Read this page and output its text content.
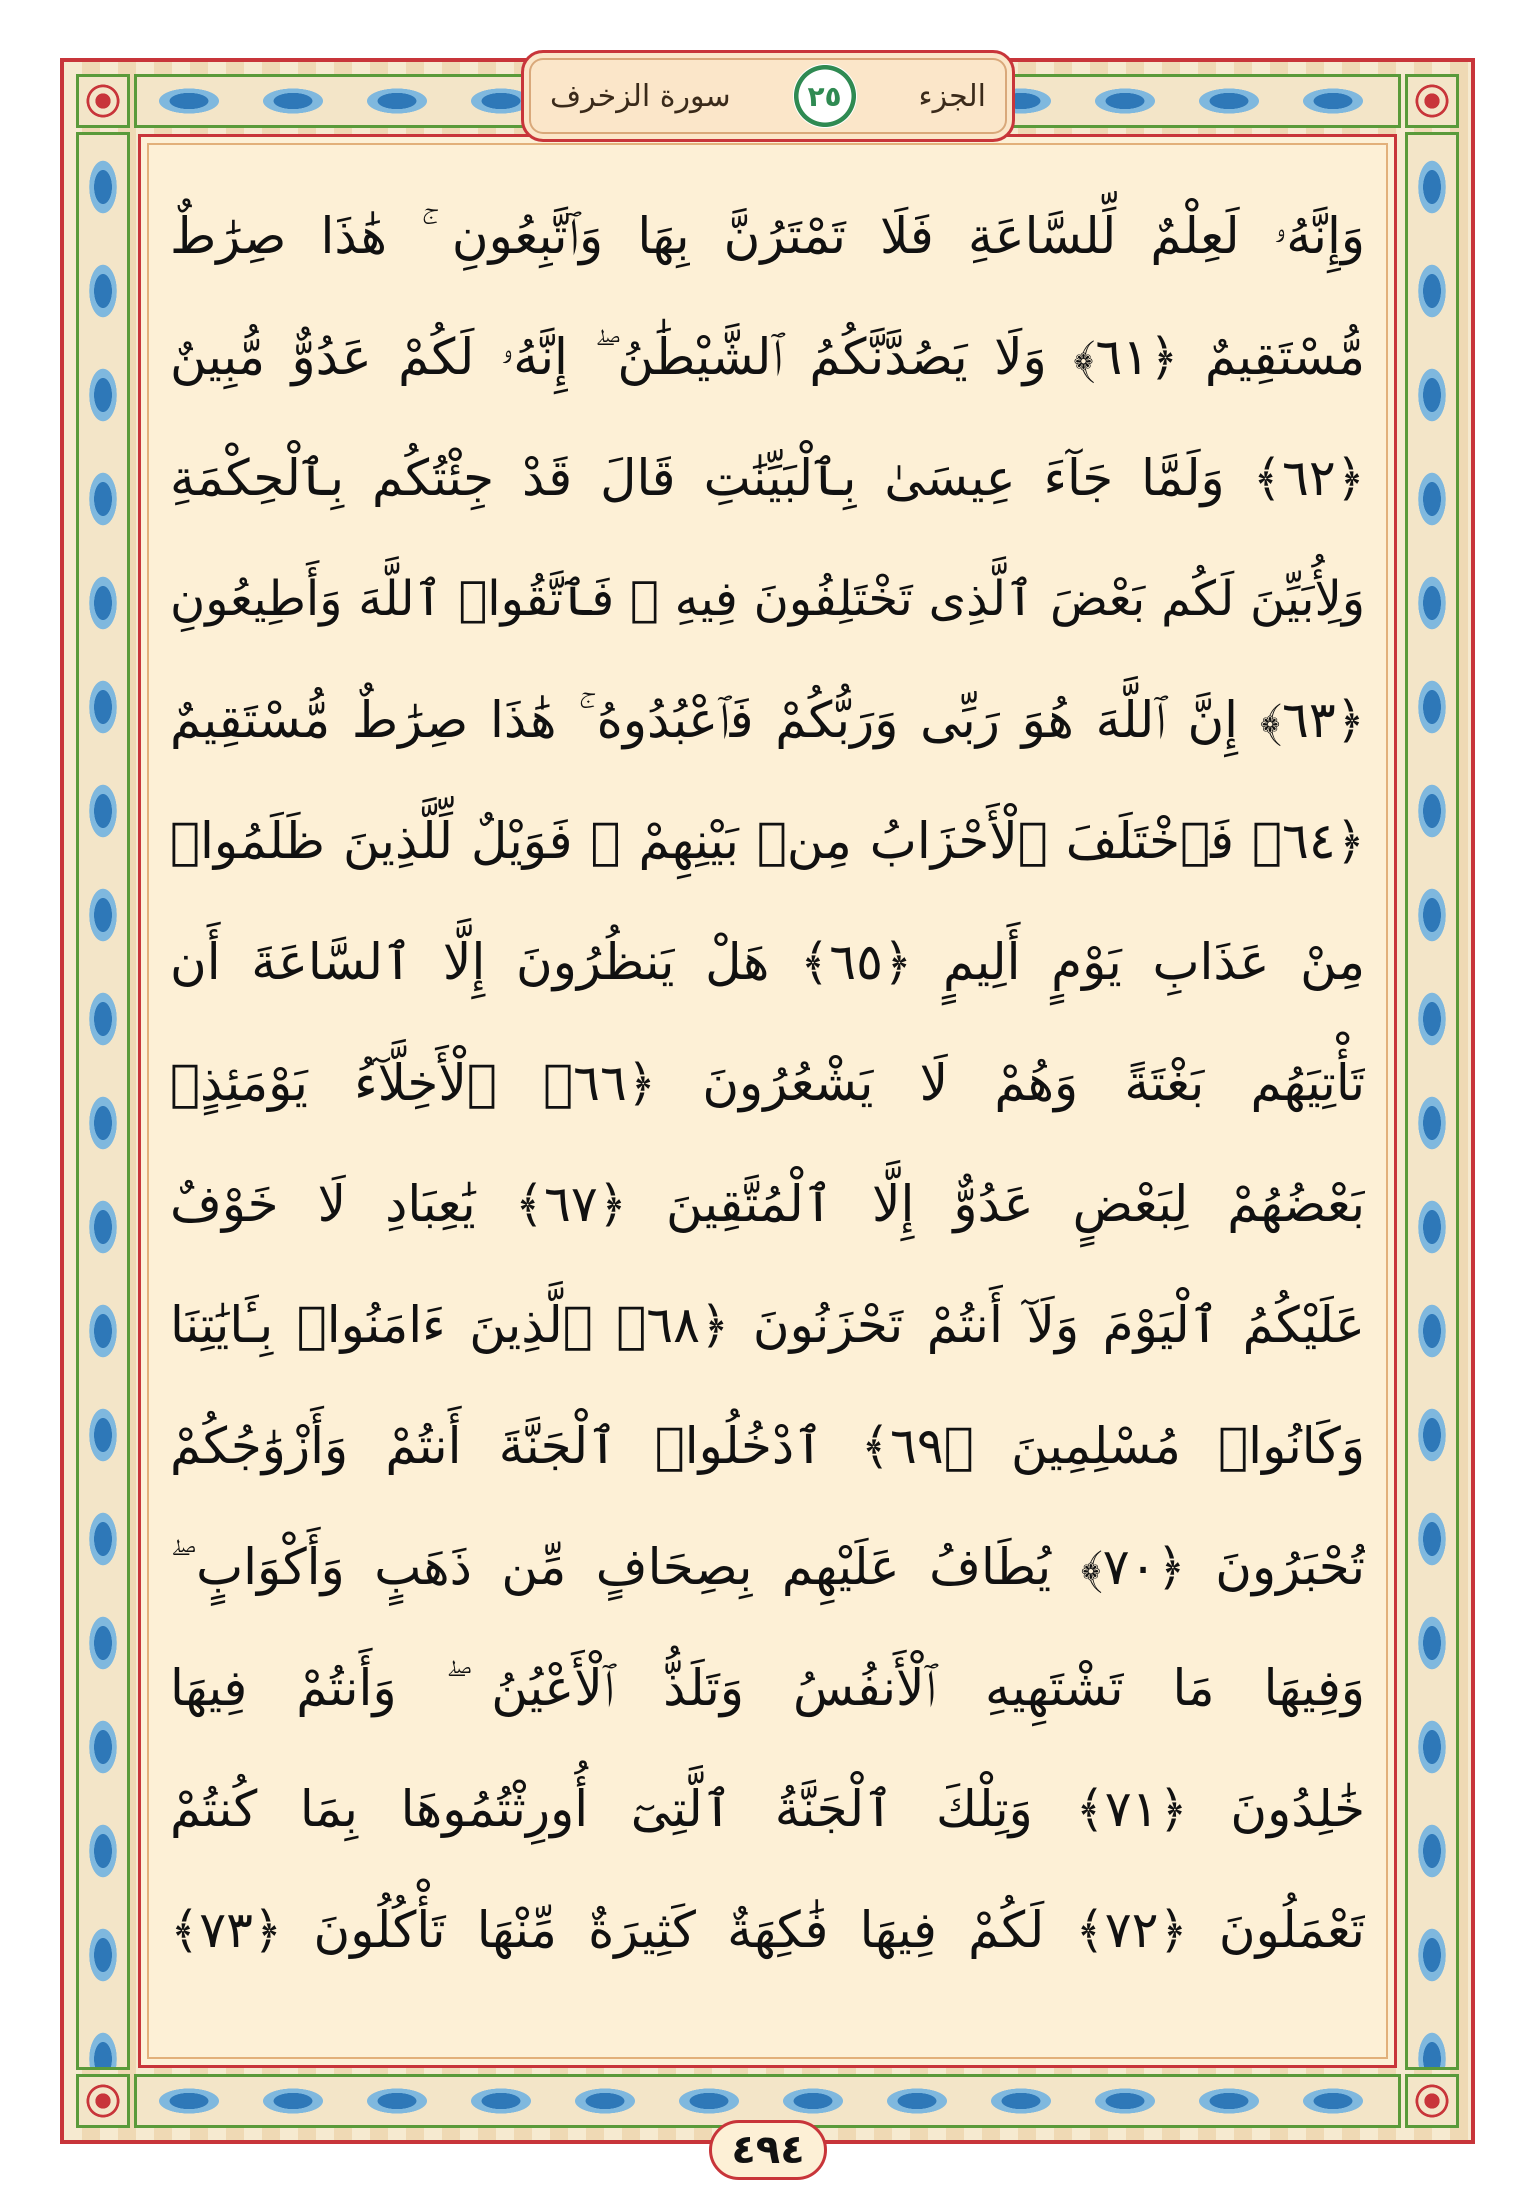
الجزء
٢٥
سورة الزخرف
وَإِنَّهُۥ لَعِلْمٌ لِّلسَّاعَةِ فَلَا تَمْتَرُنَّ بِهَا وَٱتَّبِعُونِ ۚ هَٰذَا صِرَٰطٌ
مُّسْتَقِيمٌ ﴿٦١﴾ وَلَا يَصُدَّنَّكُمُ ٱلشَّيْطَٰنُ ۖ إِنَّهُۥ لَكُمْ عَدُوٌّ مُّبِينٌ
﴿٦٢﴾ وَلَمَّا جَآءَ عِيسَىٰ بِٱلْبَيِّنَٰتِ قَالَ قَدْ جِئْتُكُم بِٱلْحِكْمَةِ
وَلِأُبَيِّنَ لَكُم بَعْضَ ٱلَّذِى تَخْتَلِفُونَ فِيهِ ۖ فَٱتَّقُوا۟ ٱللَّهَ وَأَطِيعُونِ
﴿٦٣﴾ إِنَّ ٱللَّهَ هُوَ رَبِّى وَرَبُّكُمْ فَٱعْبُدُوهُ ۚ هَٰذَا صِرَٰطٌ مُّسْتَقِيمٌ
﴿٦٤﴾ فَٱخْتَلَفَ ٱلْأَحْزَابُ مِنۢ بَيْنِهِمْ ۖ فَوَيْلٌ لِّلَّذِينَ ظَلَمُوا۟
مِنْ عَذَابِ يَوْمٍ أَلِيمٍ ﴿٦٥﴾ هَلْ يَنظُرُونَ إِلَّا ٱلسَّاعَةَ أَن
تَأْتِيَهُم بَغْتَةً وَهُمْ لَا يَشْعُرُونَ ﴿٦٦﴾ ٱلْأَخِلَّآءُ يَوْمَئِذٍۭ
بَعْضُهُمْ لِبَعْضٍ عَدُوٌّ إِلَّا ٱلْمُتَّقِينَ ﴿٦٧﴾ يَٰعِبَادِ لَا خَوْفٌ
عَلَيْكُمُ ٱلْيَوْمَ وَلَآ أَنتُمْ تَحْزَنُونَ ﴿٦٨﴾ ٱلَّذِينَ ءَامَنُوا۟ بِـَٔايَٰتِنَا
وَكَانُوا۟ مُسْلِمِينَ ﴿٦٩﴾ ٱدْخُلُوا۟ ٱلْجَنَّةَ أَنتُمْ وَأَزْوَٰجُكُمْ
تُحْبَرُونَ ﴿٧٠﴾ يُطَافُ عَلَيْهِم بِصِحَافٍ مِّن ذَهَبٍ وَأَكْوَابٍ ۖ
وَفِيهَا مَا تَشْتَهِيهِ ٱلْأَنفُسُ وَتَلَذُّ ٱلْأَعْيُنُ ۖ وَأَنتُمْ فِيهَا
خَٰلِدُونَ ﴿٧١﴾ وَتِلْكَ ٱلْجَنَّةُ ٱلَّتِىٓ أُورِثْتُمُوهَا بِمَا كُنتُمْ
تَعْمَلُونَ ﴿٧٢﴾ لَكُمْ فِيهَا فَٰكِهَةٌ كَثِيرَةٌ مِّنْهَا تَأْكُلُونَ ﴿٧٣﴾
٤٩٤
